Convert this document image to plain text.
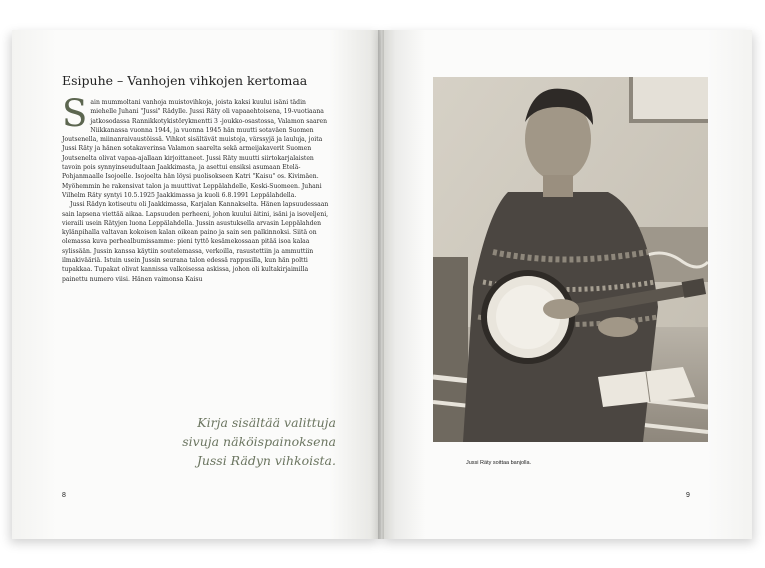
Esipuhe – Vanhojen vihkojen kertomaa

Sain mummoltani vanhoja muistovihkoja, joista kaksi kuului isäni tädin miehelle Juhani "Jussi" Rädylle. Jussi Räty oli vapaaehtoisena, 19-vuotiaana jatkosodassa Rannikkotykistörykmentti 3 -joukko-osastossa, Valamon saaren Niikkanassa vuonna 1944, ja vuonna 1945 hän muutti sotaväen Suomen Joutsenella, miinanraivaustöissä. Vihkot sisältävät muistoja, värssyjä ja lauluja, joita Jussi Räty ja hänen sotakaverinsa Valamon saarelta sekä armeijakaverit Suomen Joutsenelta olivat vapaa-ajallaan kirjoittaneet. Jussi Räty muutti siirtokarjalaisten tavoin pois synnyinseudultaan Jaakkimasta, ja asettui ensiksi asumaan Etelä-Pohjanmaalle Isojoelle. Isojoelta hän löysi puolisokseen Katri "Kaisu" os. Kivimäen. Myöhemmin he rakensivat talon ja muuttivat Leppälahdelle, Keski-Suomeen. Juhani Vilhelm Räty syntyi 10.5.1925 Jaakkimassa ja kuoli 6.8.1991 Leppälahdella.

Jussi Rädyn kotiseutu oli Jaakkimassa, Karjalan Kannakselta. Hänen lapsuudessaan sain lapsena viettää aikaa. Lapsuuden perheeni, johon kuului äitini, isäni ja isoveljeni, vieraili usein Rätyjen luona Leppälahdella. Jussin asustuksella arvasin Leppälahden kylänpihalla valtavan kokoisen kalan oikean paino ja sain sen palkinnoksi. Siitä on olemassa kuva perhealbumissamme: pieni tyttö kesämekossaan pitää isoa kalaa sylissään. Jussin kanssa käytiin soutelemassa, verkoilla, rasustettiin ja ammuttiin ilmakivääriä. Istuin usein Jussin seurana talon edessä rappusilla, kun hän poltti tupakkaa. Tupakat olivat kannissa valkoisessa askissa, johon oli kultakirjaimilla painettu numero viisi. Hänen vaimonsa Kaisu

Kirja sisältää valittuja
sivuja näköispainoksena
Jussi Rädyn vihkoista.
8
Jussi Räty soittaa banjolla.
9
